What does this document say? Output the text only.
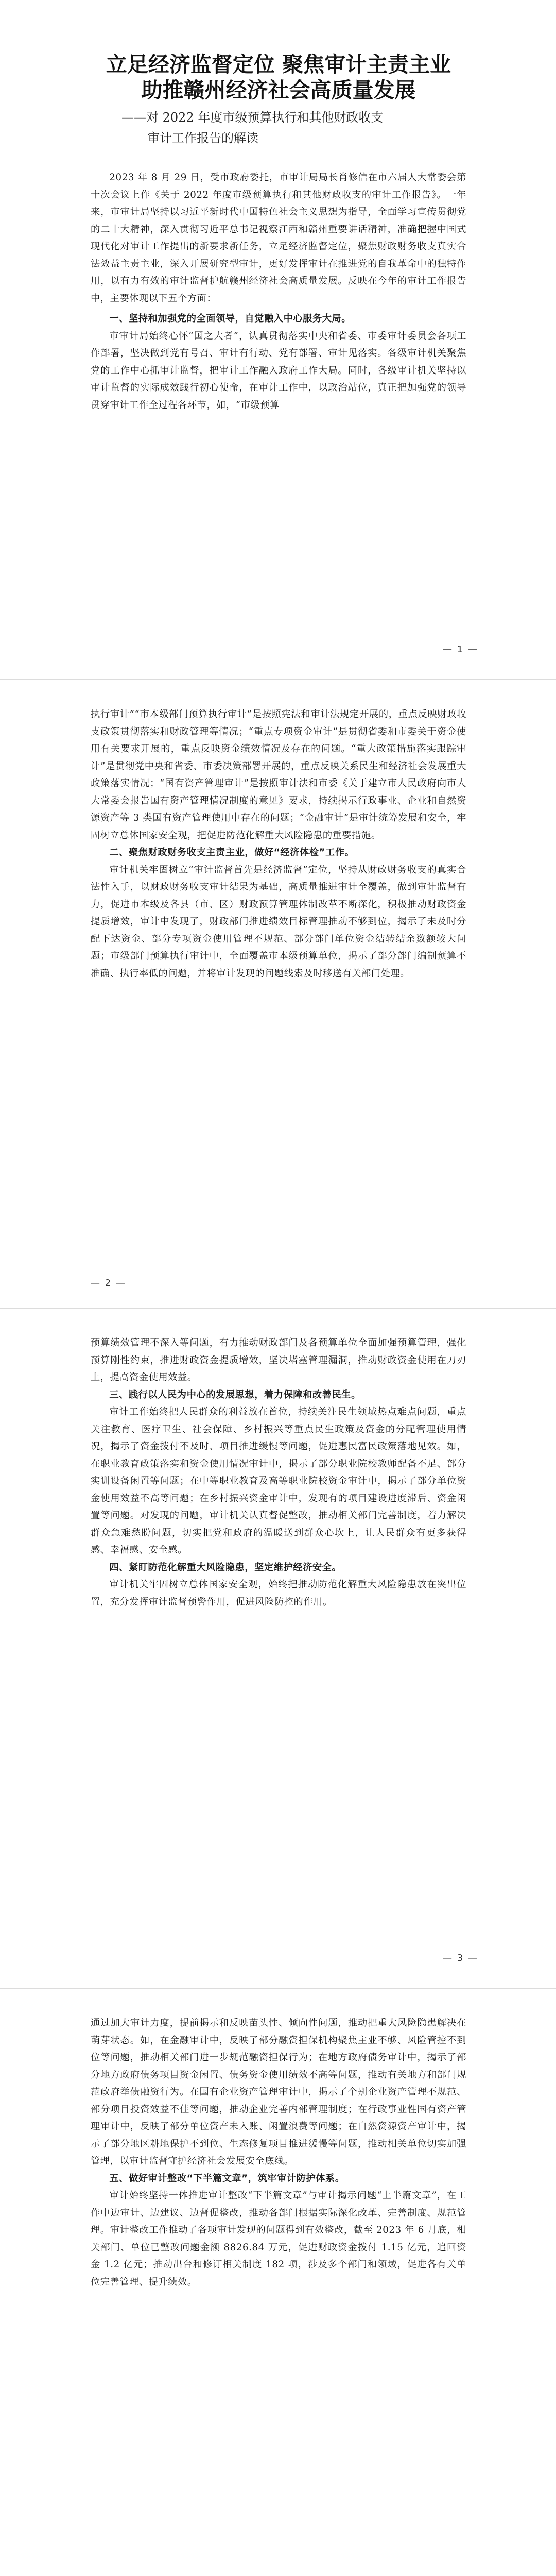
立足经济监督定位 聚焦审计主责主业

助推赣州经济社会高质量发展

——对 2022 年度市级预算执行和其他财政收支

审计工作报告的解读

2023 年 8 月 29 日，受市政府委托，市审计局局长肖修信在市六届人大常委会第十次会议上作《关于 2022 年度市级预算执行和其他财政收支的审计工作报告》。一年来，市审计局坚持以习近平新时代中国特色社会主义思想为指导，全面学习宣传贯彻党的二十大精神，深入贯彻习近平总书记视察江西和赣州重要讲话精神，准确把握中国式现代化对审计工作提出的新要求新任务，立足经济监督定位，聚焦财政财务收支真实合法效益主责主业，深入开展研究型审计，更好发挥审计在推进党的自我革命中的独特作用，以有力有效的审计监督护航赣州经济社会高质量发展。反映在今年的审计工作报告中，主要体现以下五个方面：

一、坚持和加强党的全面领导，自觉融入中心服务大局。

市审计局始终心怀“国之大者”，认真贯彻落实中央和省委、市委审计委员会各项工作部署，坚决做到党有号召、审计有行动、党有部署、审计见落实。各级审计机关聚焦党的工作中心抓审计监督，把审计工作融入政府工作大局。同时，各级审计机关坚持以审计监督的实际成效践行初心使命，在审计工作中，以政治站位，真正把加强党的领导贯穿审计工作全过程各环节，如，“市级预算

— 1 —

执行审计”“市本级部门预算执行审计”是按照宪法和审计法规定开展的，重点反映财政收支政策贯彻落实和财政管理等情况；“重点专项资金审计”是贯彻省委和市委关于资金使用有关要求开展的，重点反映资金绩效情况及存在的问题。“重大政策措施落实跟踪审计”是贯彻党中央和省委、市委决策部署开展的，重点反映关系民生和经济社会发展重大政策落实情况；“国有资产管理审计”是按照审计法和市委《关于建立市人民政府向市人大常委会报告国有资产管理情况制度的意见》要求，持续揭示行政事业、企业和自然资源资产等 3 类国有资产管理使用中存在的问题；“金融审计”是审计统筹发展和安全，牢固树立总体国家安全观，把促进防范化解重大风险隐患的重要措施。

二、聚焦财政财务收支主责主业，做好“经济体检”工作。

审计机关牢固树立“审计监督首先是经济监督”定位，坚持从财政财务收支的真实合法性入手，以财政财务收支审计结果为基础，高质量推进审计全覆盖，做到审计监督有力，促进市本级及各县（市、区）财政预算管理体制改革不断深化，积极推动财政资金提质增效，审计中发现了，财政部门推进绩效目标管理推动不够到位，揭示了未及时分配下达资金、部分专项资金使用管理不规范、部分部门单位资金结转结余数额较大问题；市级部门预算执行审计中，全面覆盖市本级预算单位，揭示了部分部门编制预算不准确、执行率低的问题，并将审计发现的问题线索及时移送有关部门处理。

— 2 —

预算绩效管理不深入等问题，有力推动财政部门及各预算单位全面加强预算管理，强化预算刚性约束，推进财政资金提质增效，坚决堵塞管理漏洞，推动财政资金使用在刀刃上，提高资金使用效益。

三、践行以人民为中心的发展思想，着力保障和改善民生。

审计工作始终把人民群众的利益放在首位，持续关注民生领域热点难点问题，重点关注教育、医疗卫生、社会保障、乡村振兴等重点民生政策及资金的分配管理使用情况，揭示了资金拨付不及时、项目推进缓慢等问题，促进惠民富民政策落地见效。如，在职业教育政策落实和资金使用情况审计中，揭示了部分职业院校教师配备不足、部分实训设备闲置等问题；在中等职业教育及高等职业院校资金审计中，揭示了部分单位资金使用效益不高等问题；在乡村振兴资金审计中，发现有的项目建设进度滞后、资金闲置等问题。对发现的问题，审计机关认真督促整改，推动相关部门完善制度，着力解决群众急难愁盼问题，切实把党和政府的温暖送到群众心坎上，让人民群众有更多获得感、幸福感、安全感。

四、紧盯防范化解重大风险隐患，坚定维护经济安全。

审计机关牢固树立总体国家安全观，始终把推动防范化解重大风险隐患放在突出位置，充分发挥审计监督预警作用，促进风险防控的作用。

— 3 —

通过加大审计力度，提前揭示和反映苗头性、倾向性问题，推动把重大风险隐患解决在萌芽状态。如，在金融审计中，反映了部分融资担保机构聚焦主业不够、风险管控不到位等问题，推动相关部门进一步规范融资担保行为；在地方政府债务审计中，揭示了部分地方政府债务项目资金闲置、债务资金使用绩效不高等问题，推动有关地方和部门规范政府举债融资行为。在国有企业资产管理审计中，揭示了个别企业资产管理不规范、部分项目投资效益不佳等问题，推动企业完善内部管理制度；在行政事业性国有资产管理审计中，反映了部分单位资产未入账、闲置浪费等问题；在自然资源资产审计中，揭示了部分地区耕地保护不到位、生态修复项目推进缓慢等问题，推动相关单位切实加强管理，以审计监督守护经济社会发展安全底线。

五、做好审计整改“下半篇文章”，筑牢审计防护体系。

审计始终坚持一体推进审计整改“下半篇文章”与审计揭示问题“上半篇文章”，在工作中边审计、边建议、边督促整改，推动各部门根据实际深化改革、完善制度、规范管理。审计整改工作推动了各项审计发现的问题得到有效整改，截至 2023 年 6 月底，相关部门、单位已整改问题金额 8826.84 万元，促进财政资金拨付 1.15 亿元，追回资金 1.2 亿元；推动出台和修订相关制度 182 项，涉及多个部门和领域，促进各有关单位完善管理、提升绩效。
